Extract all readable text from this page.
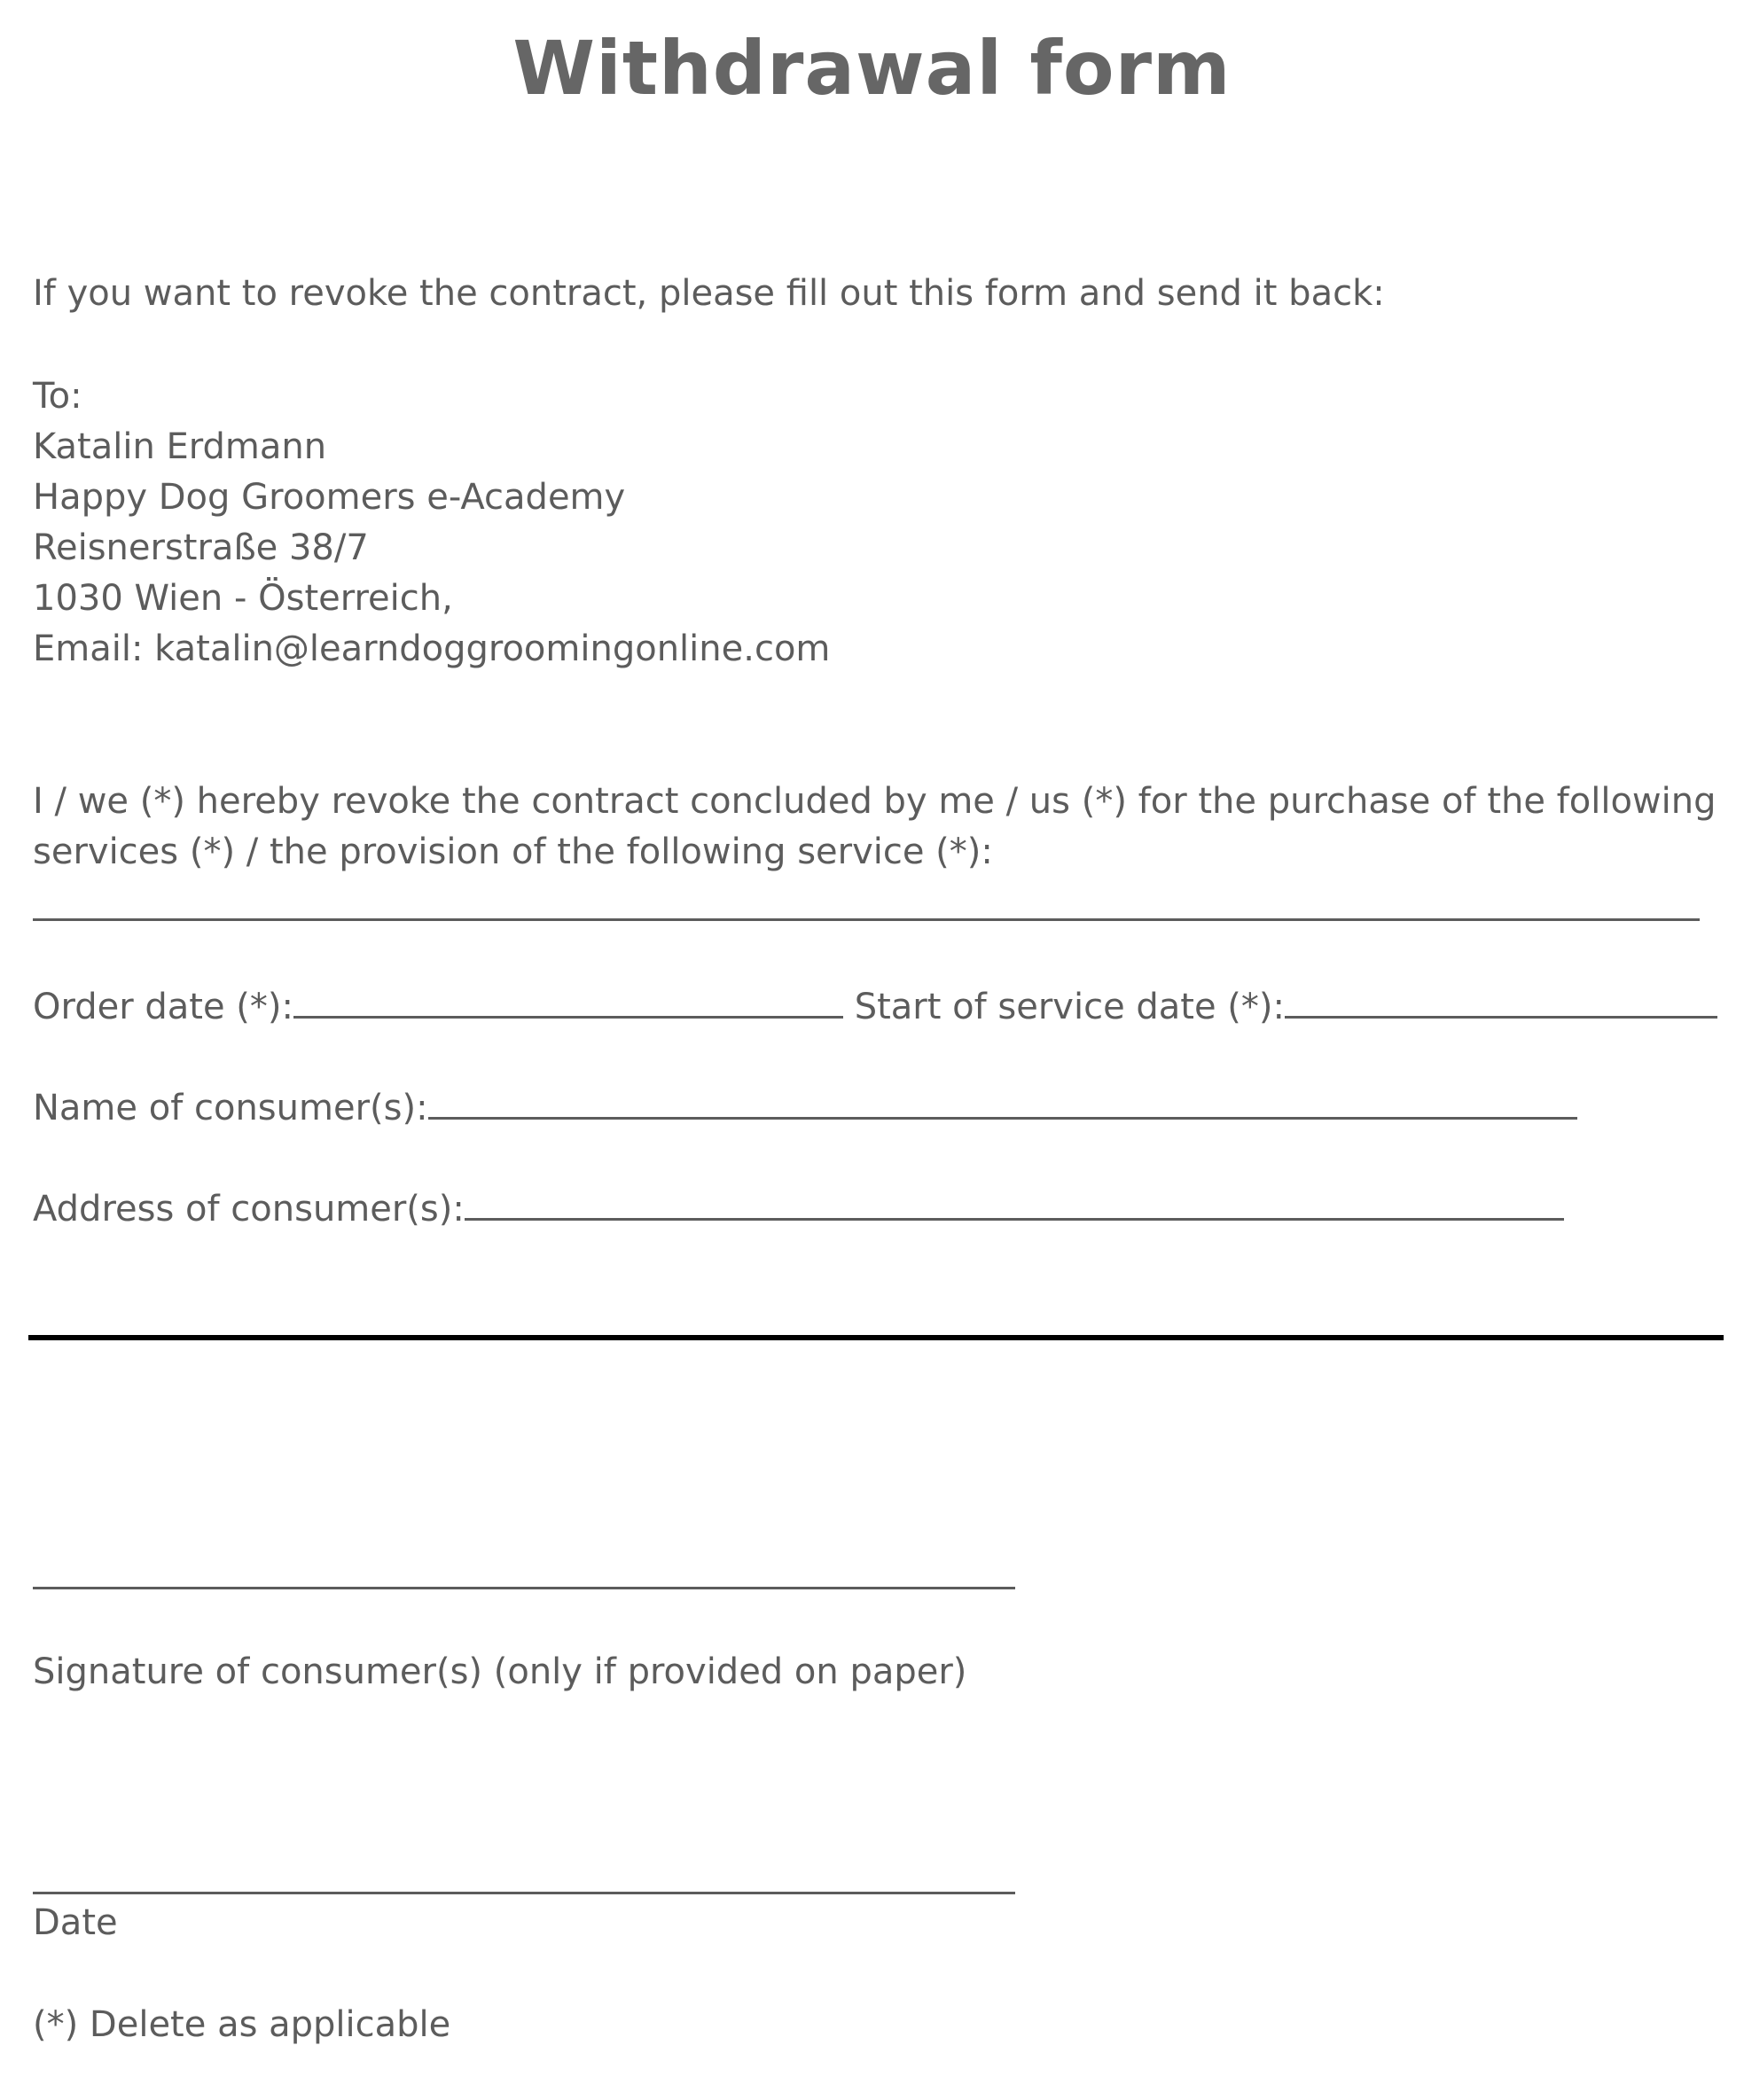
Withdrawal form
If you want to revoke the contract, please fill out this form and send it back:
To:
Katalin Erdmann
Happy Dog Groomers e-Academy
Reisnerstraße 38/7
1030 Wien - Österreich,
Email: katalin@learndoggroomingonline.com
I / we (*) hereby revoke the contract concluded by me / us (*) for the purchase of the following
services (*) / the provision of the following service (*):
Order date (*):	Start of service date (*):
Name of consumer(s):
Address of consumer(s):
Signature of consumer(s) (only if provided on paper)
Date
(*) Delete as applicable
